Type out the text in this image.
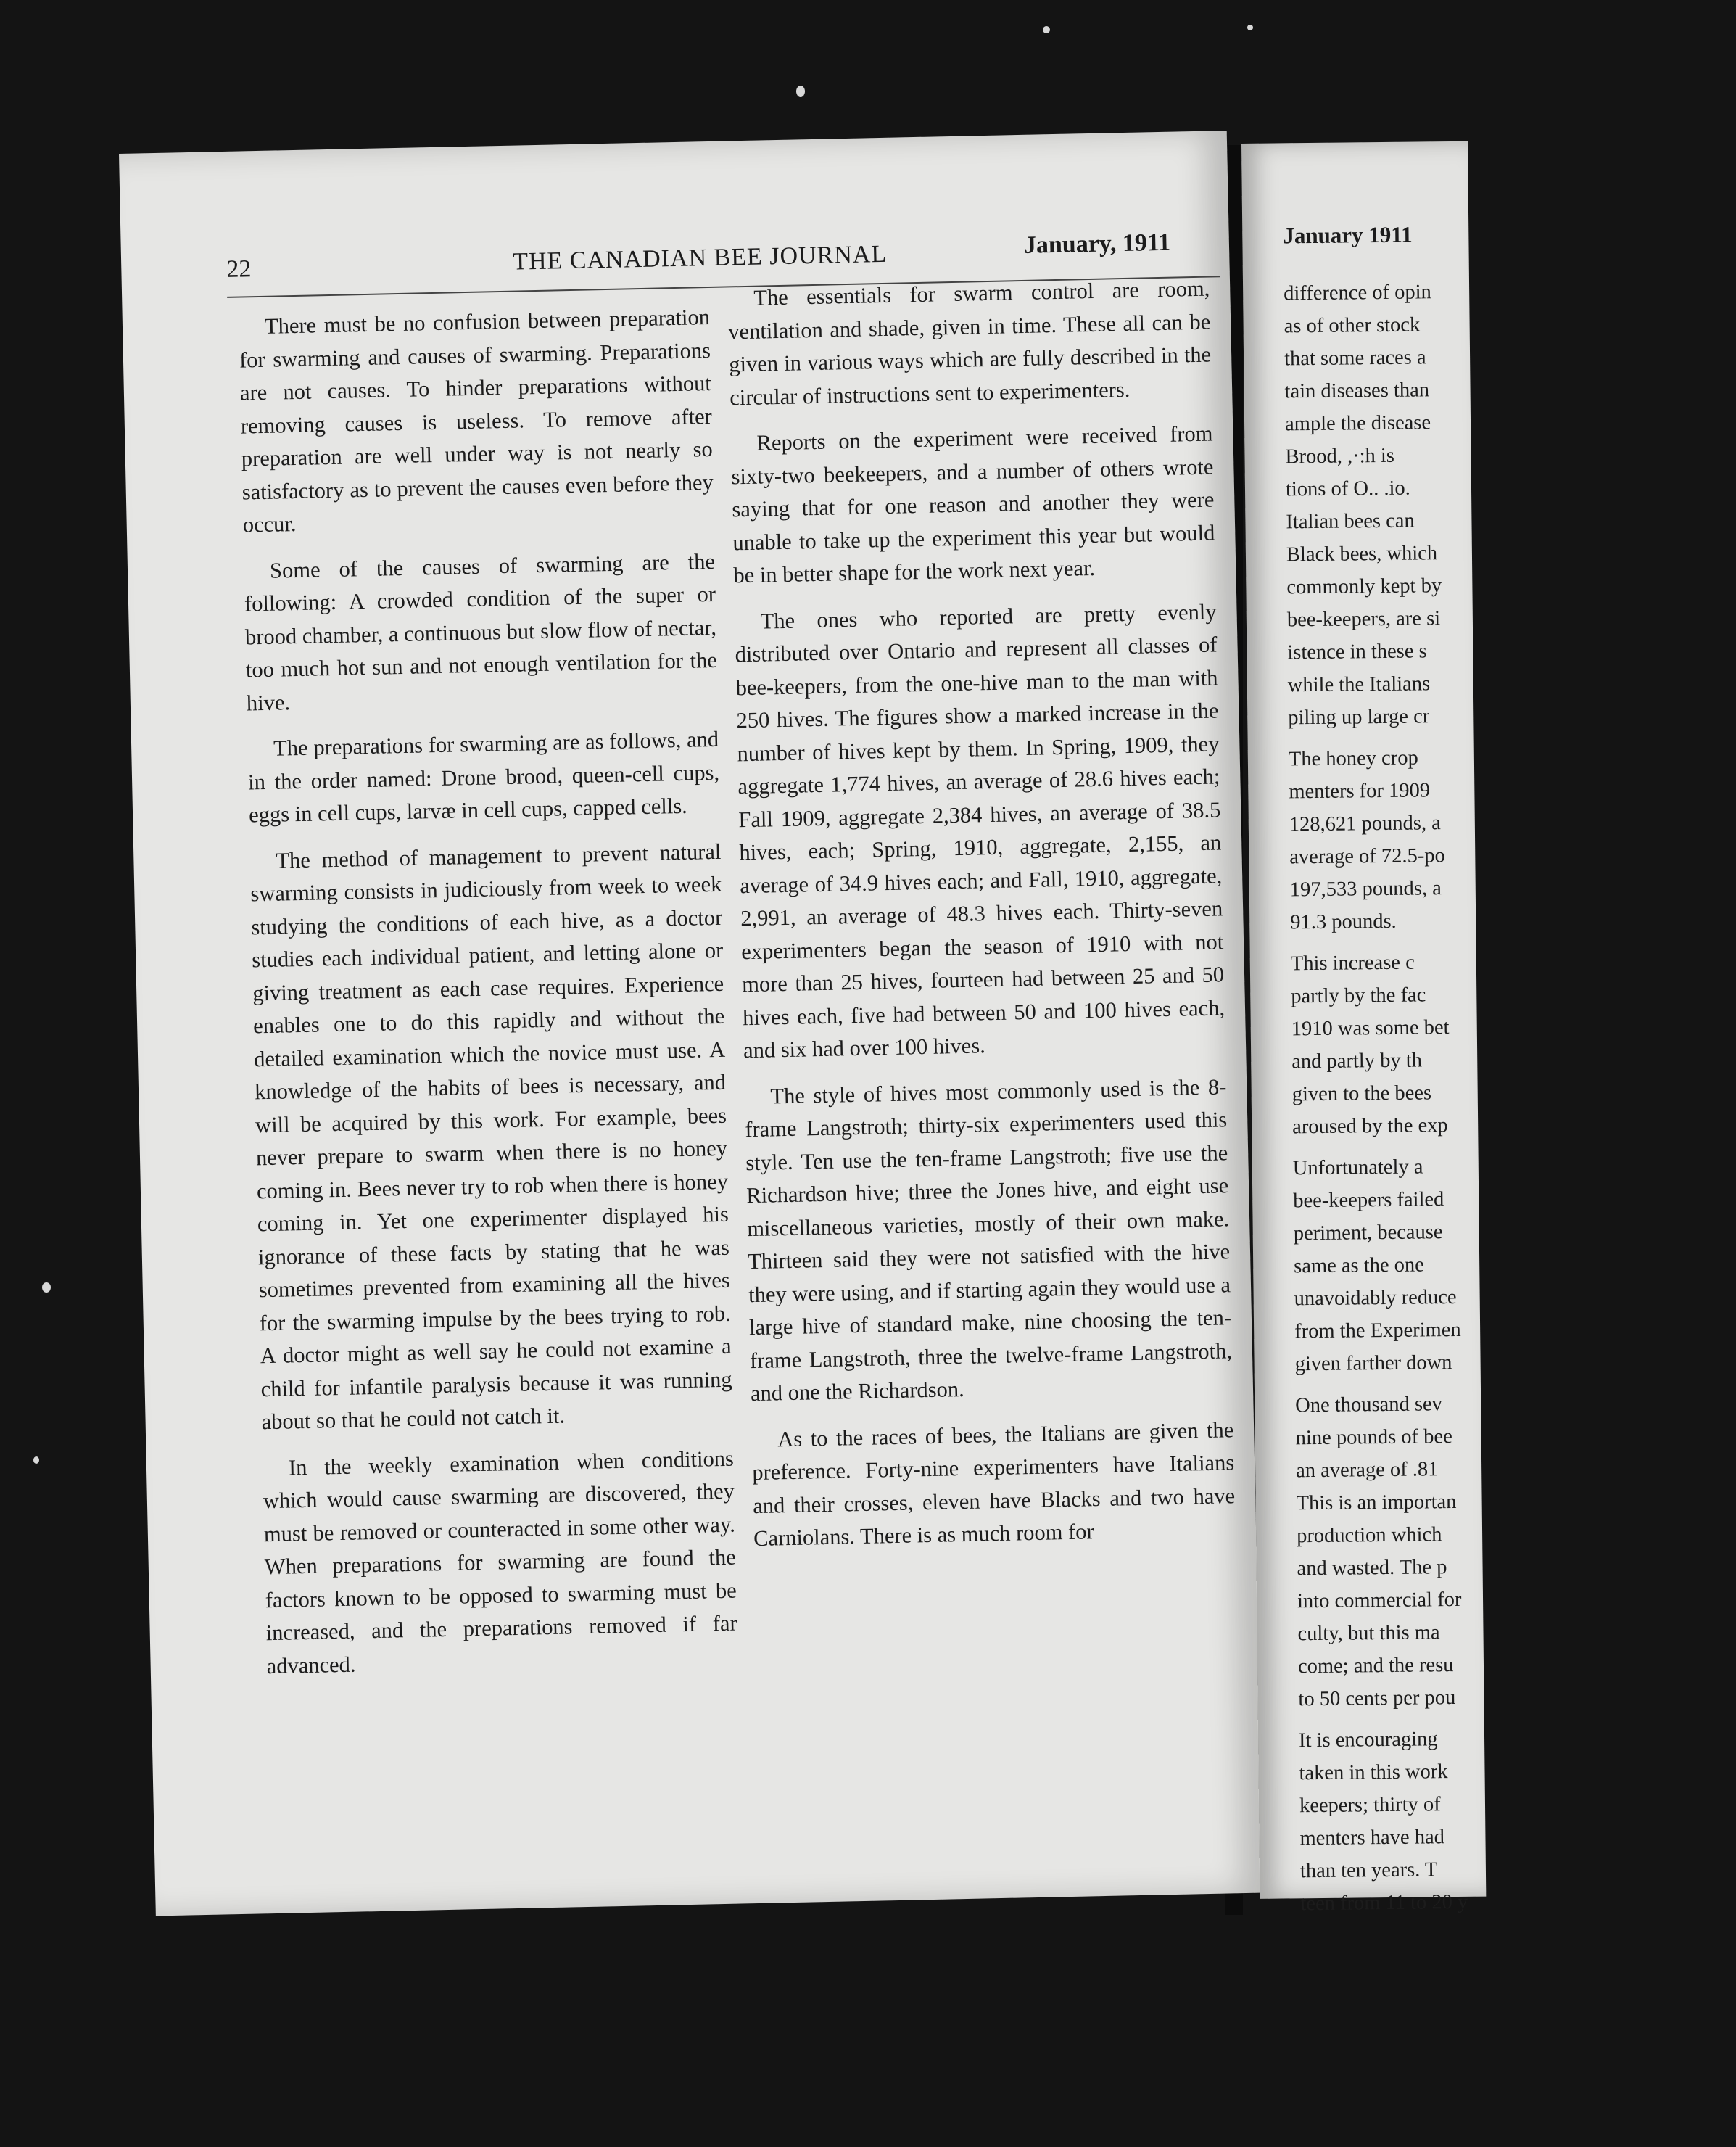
22	THE CANADIAN BEE JOURNAL	January, 1911

There must be no confusion between preparation for swarming and causes of swarming. Preparations are not causes. To hinder preparations without removing causes is useless. To remove after preparation are well under way is not nearly so satisfactory as to prevent the causes even before they occur.

Some of the causes of swarming are the following: A crowded condition of the super or brood chamber, a continuous but slow flow of nectar, too much hot sun and not enough ventilation for the hive.

The preparations for swarming are as follows, and in the order named: Drone brood, queen-cell cups, eggs in cell cups, larvæ in cell cups, capped cells.

The method of management to prevent natural swarming consists in judiciously from week to week studying the conditions of each hive, as a doctor studies each individual patient, and letting alone or giving treatment as each case requires. Experience enables one to do this rapidly and without the detailed examination which the novice must use. A knowledge of the habits of bees is necessary, and will be acquired by this work. For example, bees never prepare to swarm when there is no honey coming in. Bees never try to rob when there is honey coming in. Yet one experimenter displayed his ignorance of these facts by stating that he was sometimes prevented from examining all the hives for the swarming impulse by the bees trying to rob. A doctor might as well say he could not examine a child for infantile paralysis because it was running about so that he could not catch it.

In the weekly examination when conditions which would cause swarming are discovered, they must be removed or counteracted in some other way. When preparations for swarming are found the factors known to be opposed to swarming must be increased, and the preparations removed if far advanced.

The essentials for swarm control are room, ventilation and shade, given in time. These all can be given in various ways which are fully described in the circular of instructions sent to experimenters.

Reports on the experiment were received from sixty-two beekeepers, and a number of others wrote saying that for one reason and another they were unable to take up the experiment this year but would be in better shape for the work next year.

The ones who reported are pretty evenly distributed over Ontario and represent all classes of bee-keepers, from the one-hive man to the man with 250 hives. The figures show a marked increase in the number of hives kept by them. In Spring, 1909, they aggregate 1,774 hives, an average of 28.6 hives each; Fall 1909, aggregate 2,384 hives, an average of 38.5 hives, each; Spring, 1910, aggregate, 2,155, an average of 34.9 hives each; and Fall, 1910, aggregate, 2,991, an average of 48.3 hives each. Thirty-seven experimenters began the season of 1910 with not more than 25 hives, fourteen had between 25 and 50 hives each, five had between 50 and 100 hives each, and six had over 100 hives.

The style of hives most commonly used is the 8-frame Langstroth; thirty-six experimenters used this style. Ten use the ten-frame Langstroth; five use the Richardson hive; three the Jones hive, and eight use miscellaneous varieties, mostly of their own make. Thirteen said they were not satisfied with the hive they were using, and if starting again they would use a large hive of standard make, nine choosing the ten-frame Langstroth, three the twelve-frame Langstroth, and one the Richardson.

As to the races of bees, the Italians are given the preference. Forty-nine experimenters have Italians and their crosses, eleven have Blacks and two have Carniolans. There is as much room for

January 1911
difference of opin
as of other stock
that some races a
tain diseases than
ample the disease
Brood, ,·:h is
tions of O.. .io.
Italian bees can
Black bees, which
commonly kept by
bee-keepers, are si
istence in these s
while the Italians
piling up large cr
The honey crop
menters for 1909
128,621 pounds, a
average of 72.5-po
197,533 pounds, a
91.3 pounds.
This increase c
partly by the fac
1910 was some bet
and partly by th
given to the bees
aroused by the exp
Unfortunately a
bee-keepers failed
periment, because
same as the one
unavoidably reduce
from the Experimen
given farther down
One thousand sev
nine pounds of bee
an average of .81
This is an importan
production which
and wasted. The p
into commercial for
culty, but this ma
come; and the resu
to 50 cents per pou
It is encouraging
taken in this work
keepers; thirty of
menters have had
than ten years. T
teen from 11 to 20 y
